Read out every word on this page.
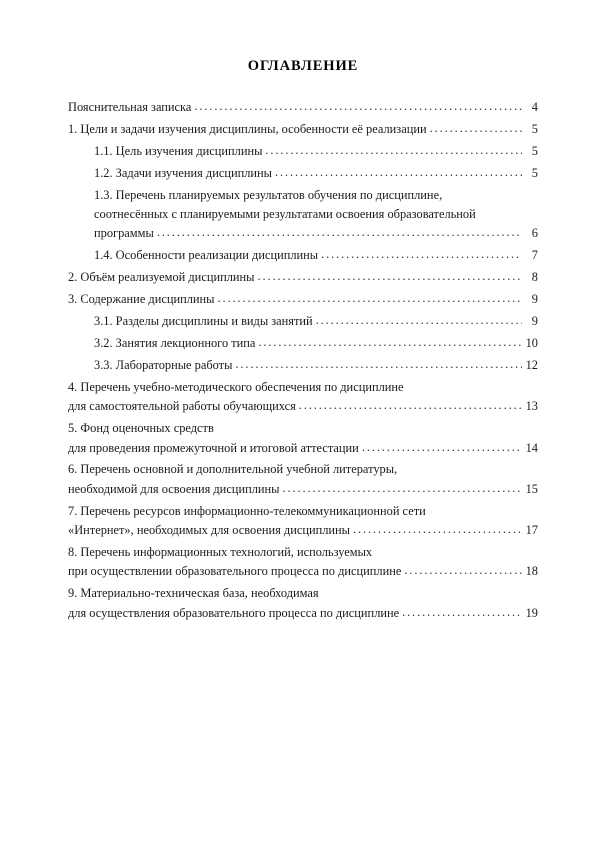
ОГЛАВЛЕНИЕ
Пояснительная записка . . .	4
1. Цели и задачи изучения дисциплины, особенности её реализации . . .	5
1.1. Цель изучения дисциплины . . .	5
1.2. Задачи изучения дисциплины . . .	5
1.3. Перечень планируемых результатов обучения по дисциплине,
соотнесённых с планируемыми результатами освоения образовательной
программы . . .	6
1.4. Особенности реализации дисциплины . . .	7
2. Объём реализуемой дисциплины . . .	8
3. Содержание дисциплины . . .	9
3.1. Разделы дисциплины и виды занятий . . .	9
3.2. Занятия лекционного типа . . .	10
3.3. Лабораторные работы . . .	12
4. Перечень учебно-методического обеспечения по дисциплине
для самостоятельной работы обучающихся . . .	13
5. Фонд оценочных средств
для проведения промежуточной и итоговой аттестации . . .	14
6. Перечень основной и дополнительной учебной литературы,
необходимой для освоения дисциплины . . .	15
7. Перечень ресурсов информационно-телекоммуникационной сети
«Интернет», необходимых для освоения дисциплины . . .	17
8. Перечень информационных технологий, используемых
при осуществлении образовательного процесса по дисциплине . . .	18
9. Материально-техническая база, необходимая
для осуществления образовательного процесса по дисциплине . . .	19
